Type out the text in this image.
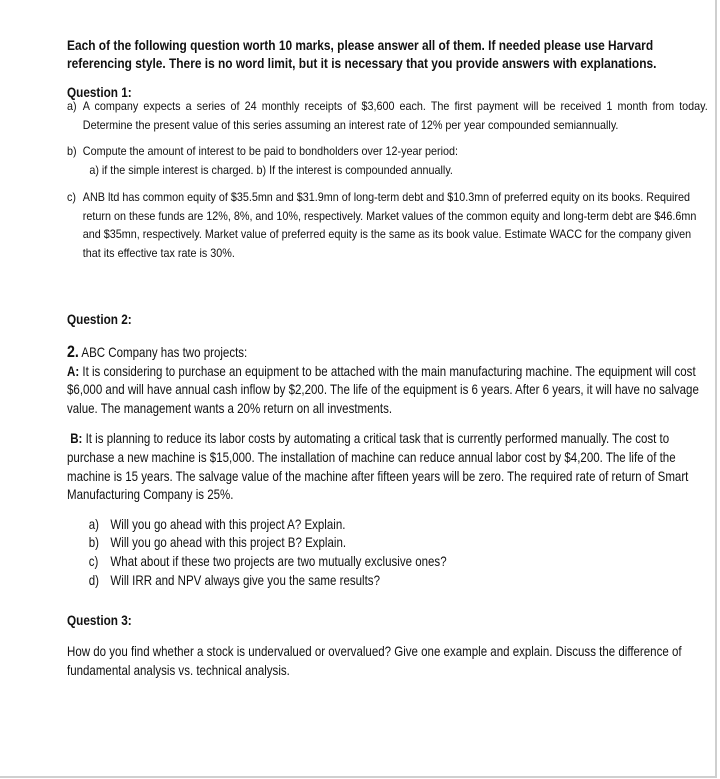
Each of the following question worth 10 marks, please answer all of them. If needed please use Harvard referencing style. There is no word limit, but it is necessary that you provide answers with explanations.
Question 1:
a) A company expects a series of 24 monthly receipts of $3,600 each. The first payment will be received 1 month from today. Determine the present value of this series assuming an interest rate of 12% per year compounded semiannually.
b) Compute the amount of interest to be paid to bondholders over 12-year period:
a) if the simple interest is charged. b) If the interest is compounded annually.
c) ANB ltd has common equity of $35.5mn and $31.9mn of long-term debt and $10.3mn of preferred equity on its books. Required return on these funds are 12%, 8%, and 10%, respectively. Market values of the common equity and long-term debt are $46.6mn and $35mn, respectively. Market value of preferred equity is the same as its book value. Estimate WACC for the company given that its effective tax rate is 30%.
Question 2:
2. ABC Company has two projects:
A: It is considering to purchase an equipment to be attached with the main manufacturing machine. The equipment will cost $6,000 and will have annual cash inflow by $2,200. The life of the equipment is 6 years. After 6 years, it will have no salvage value. The management wants a 20% return on all investments.
B: It is planning to reduce its labor costs by automating a critical task that is currently performed manually. The cost to purchase a new machine is $15,000. The installation of machine can reduce annual labor cost by $4,200. The life of the machine is 15 years. The salvage value of the machine after fifteen years will be zero. The required rate of return of Smart Manufacturing Company is 25%.
a) Will you go ahead with this project A? Explain.
b) Will you go ahead with this project B? Explain.
c) What about if these two projects are two mutually exclusive ones?
d) Will IRR and NPV always give you the same results?
Question 3:
How do you find whether a stock is undervalued or overvalued? Give one example and explain. Discuss the difference of fundamental analysis vs. technical analysis.
